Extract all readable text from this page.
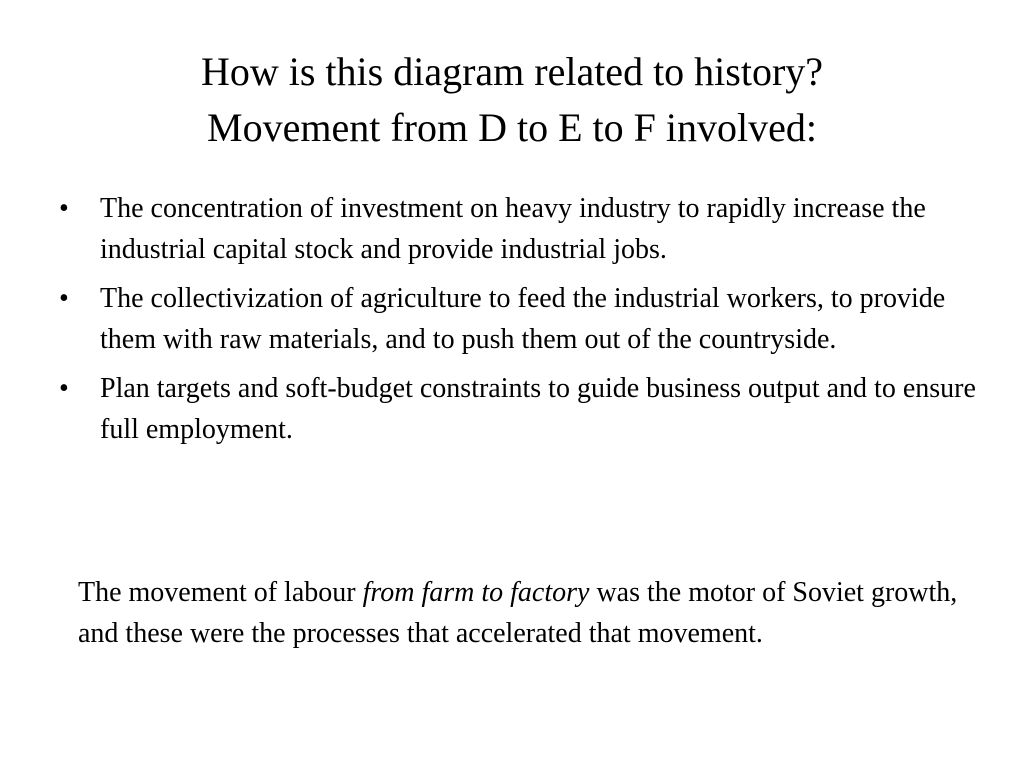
How is this diagram related to history?
Movement from D to E to F involved:
• The concentration of investment on heavy industry to rapidly increase the industrial capital stock and provide industrial jobs.
• The collectivization of agriculture to feed the industrial workers, to provide them with raw materials, and to push them out of the countryside.
• Plan targets and soft-budget constraints to guide business output and to ensure full employment.

The movement of labour from farm to factory was the motor of Soviet growth, and these were the processes that accelerated that movement.
